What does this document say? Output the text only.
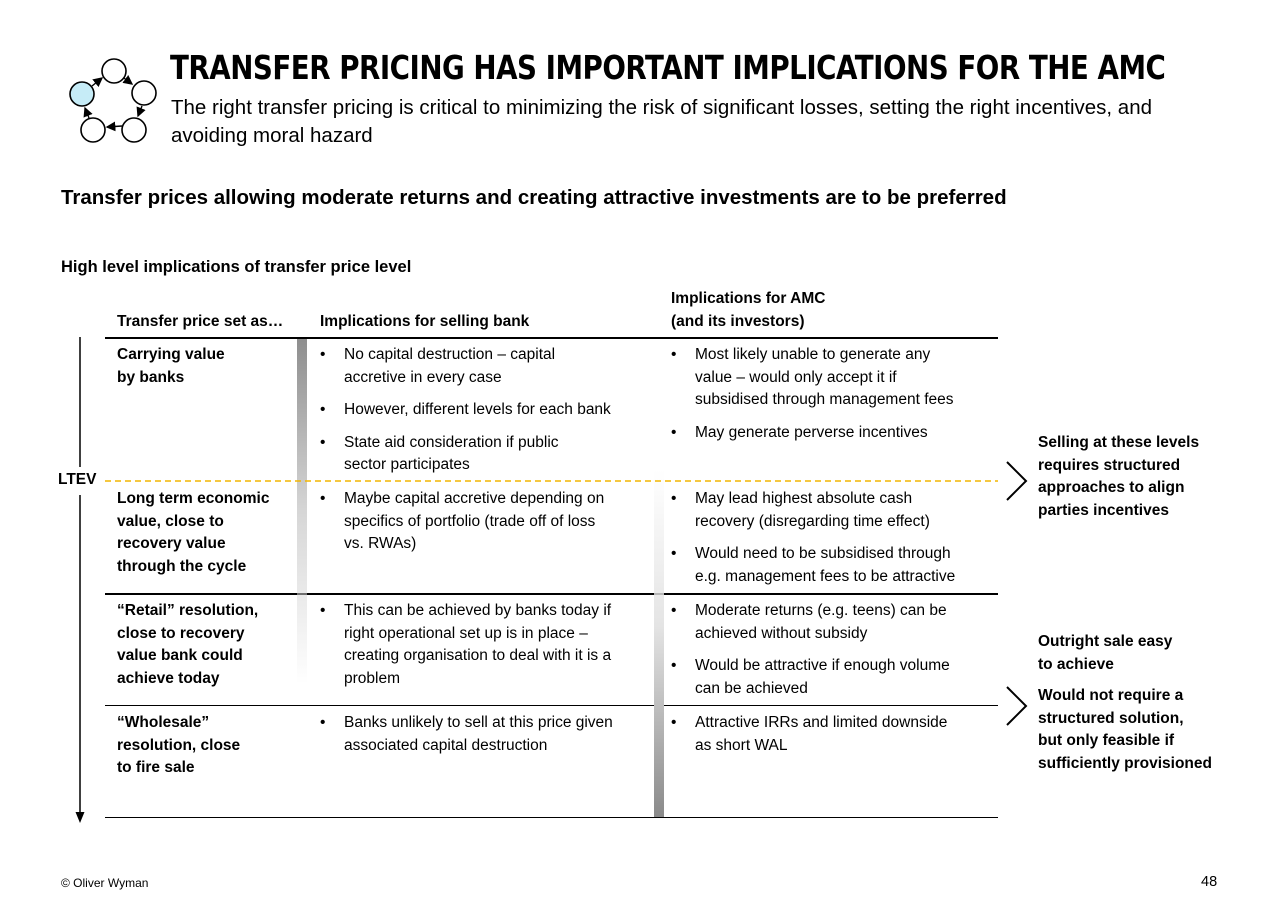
TRANSFER PRICING HAS IMPORTANT IMPLICATIONS FOR THE AMC
The right transfer pricing is critical to minimizing the risk of significant losses, setting the right incentives, and avoiding moral hazard
Transfer prices allowing moderate returns and creating attractive investments are to be preferred
High level implications of transfer price level
Transfer price set as… Implications for selling bank
Implications for AMC
(and its investors)
LTEV
Carrying value
by banks
• No capital destruction – capital
accretive in every case
• However, different levels for each bank
• State aid consideration if public
sector participates
• Most likely unable to generate any
value – would only accept it if
subsidised through management fees
• May generate perverse incentives
Long term economic
value, close to
recovery value
through the cycle
• Maybe capital accretive depending on
specifics of portfolio (trade off of loss
vs. RWAs)
• May lead highest absolute cash
recovery (disregarding time effect)
• Would need to be subsidised through
e.g. management fees to be attractive
“Retail” resolution,
close to recovery
value bank could
achieve today
• This can be achieved by banks today if
right operational set up is in place –
creating organisation to deal with it is a
problem
• Moderate returns (e.g. teens) can be
achieved without subsidy
• Would be attractive if enough volume
can be achieved
“Wholesale”
resolution, close
to fire sale
• Banks unlikely to sell at this price given
associated capital destruction
• Attractive IRRs and limited downside
as short WAL
Selling at these levels
requires structured
approaches to align
parties incentives
Outright sale easy
to achieve
Would not require a
structured solution,
but only feasible if
sufficiently provisioned
© Oliver Wyman	48
